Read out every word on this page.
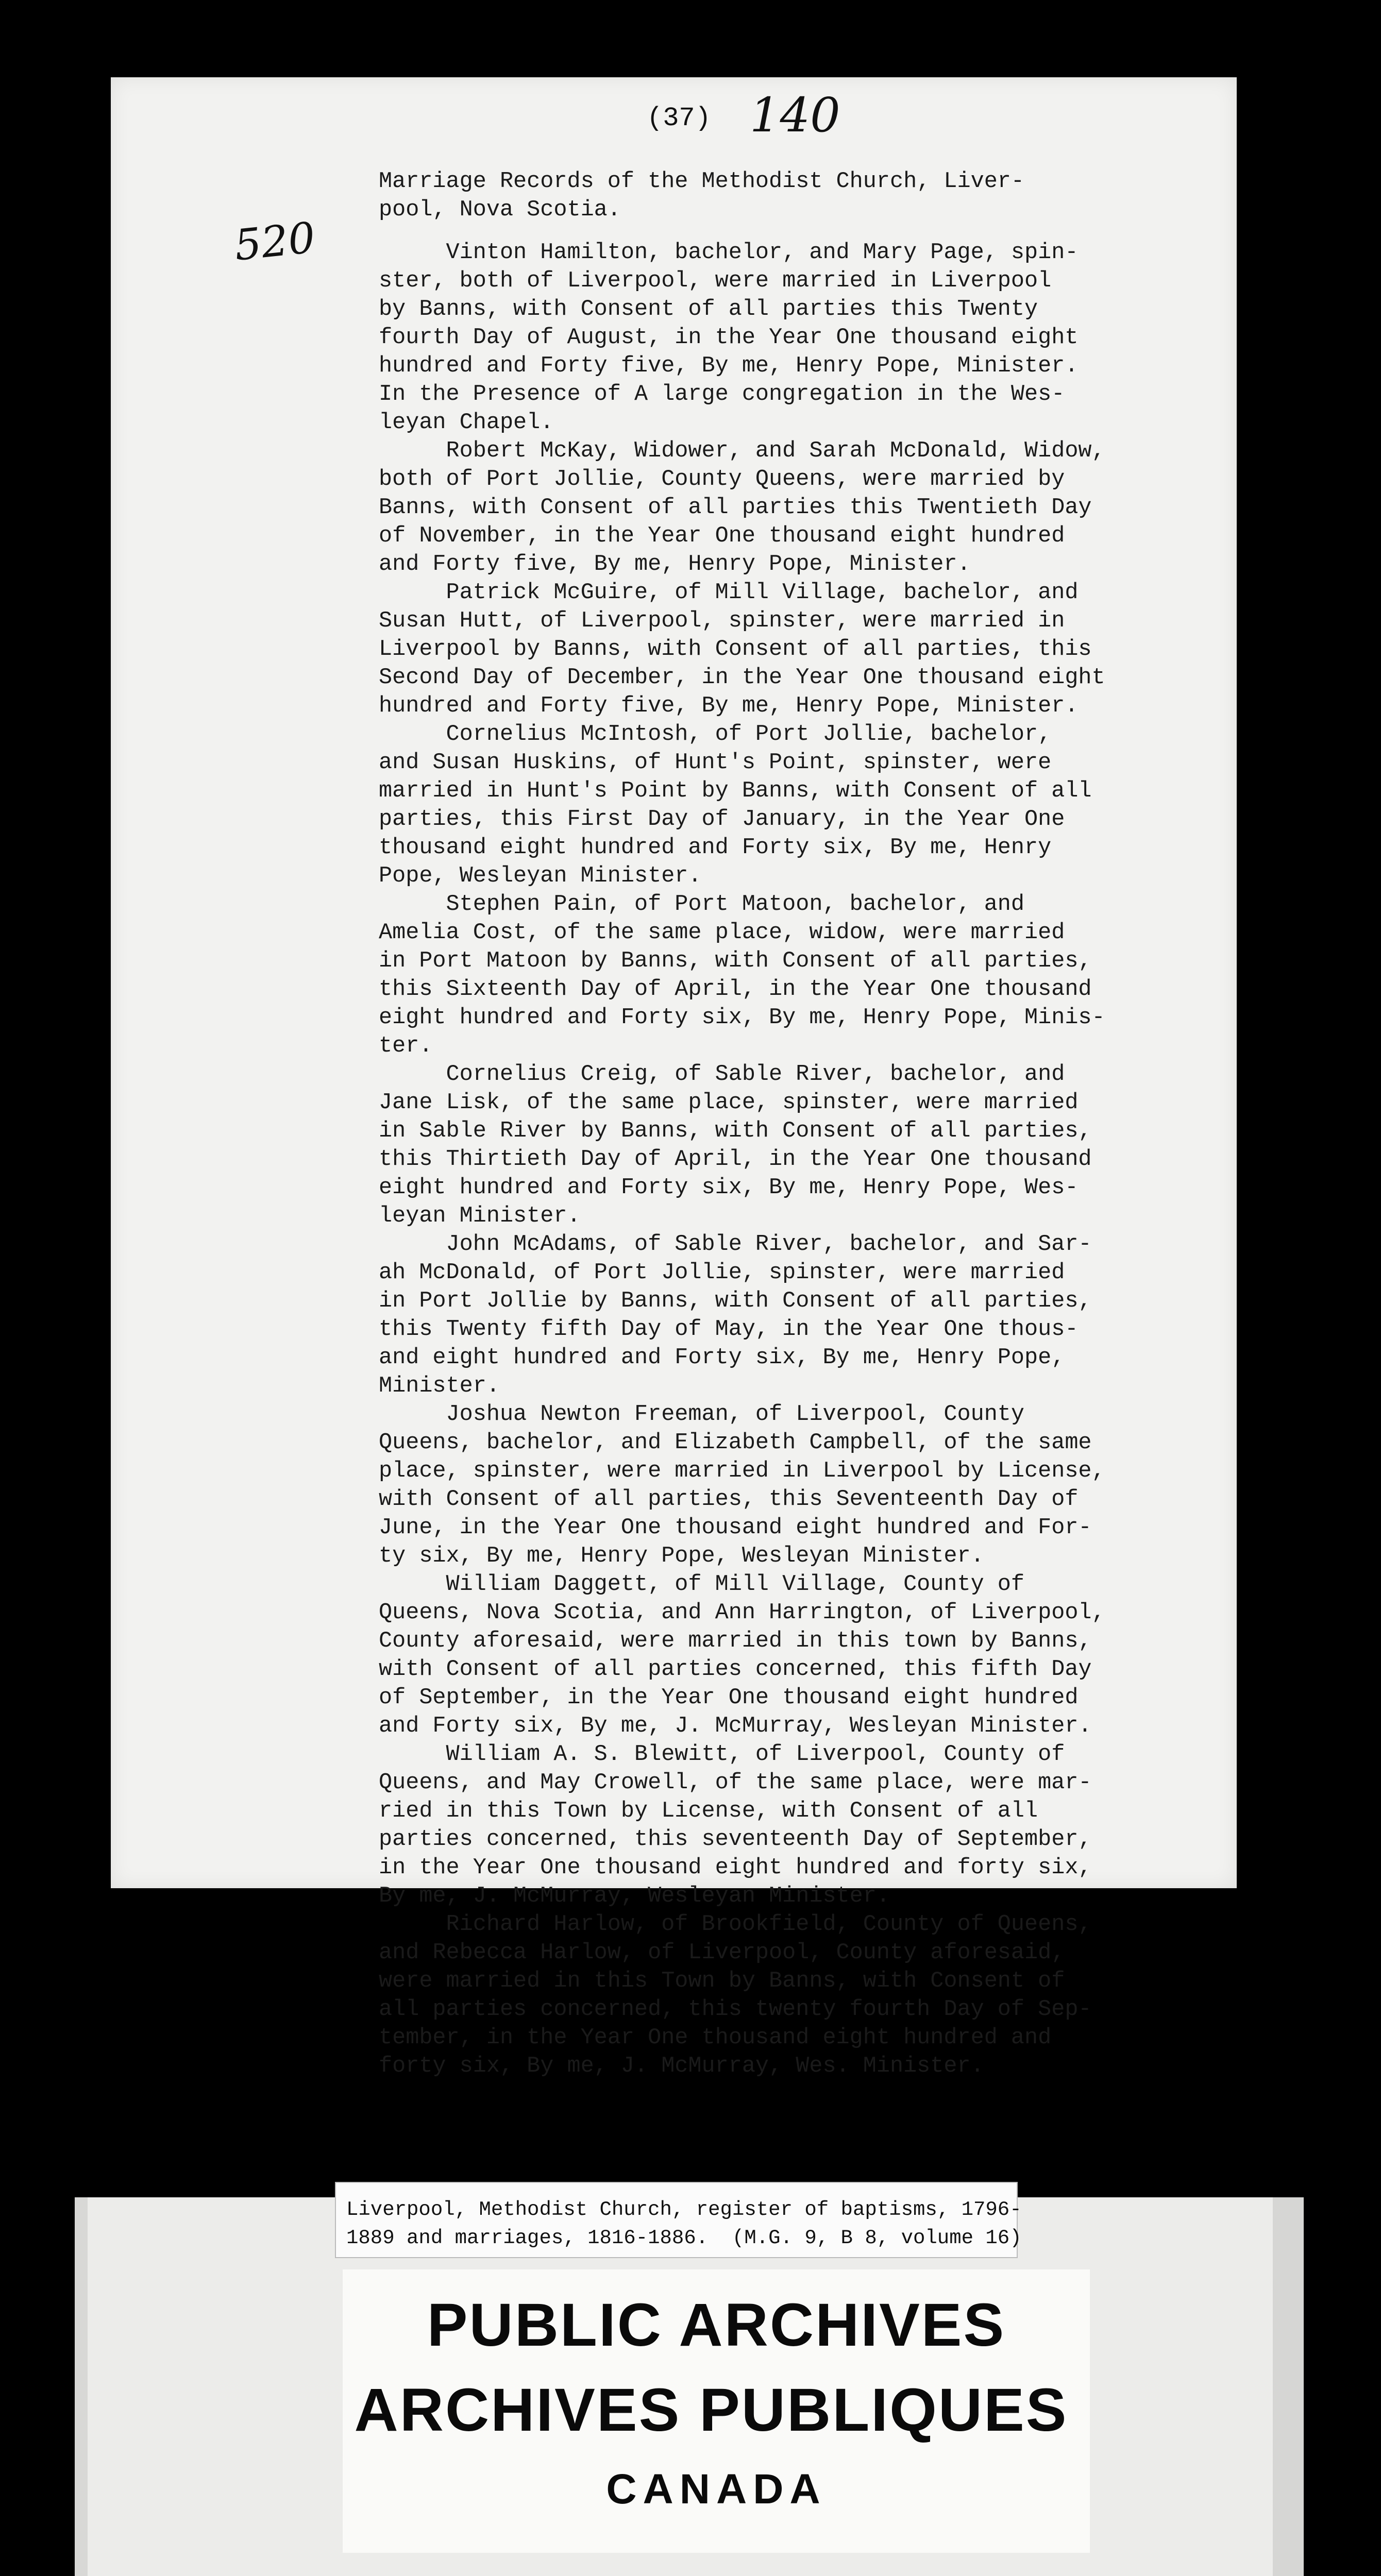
(37) 140
520
Marriage Records of the Methodist Church, Liver-
pool, Nova Scotia.
Vinton Hamilton, bachelor, and Mary Page, spin-
ster, both of Liverpool, were married in Liverpool
by Banns, with Consent of all parties this Twenty
fourth Day of August, in the Year One thousand eight
hundred and Forty five, By me, Henry Pope, Minister.
In the Presence of A large congregation in the Wes-
leyan Chapel.
Robert McKay, Widower, and Sarah McDonald, Widow,
both of Port Jollie, County Queens, were married by
Banns, with Consent of all parties this Twentieth Day
of November, in the Year One thousand eight hundred
and Forty five, By me, Henry Pope, Minister.
Patrick McGuire, of Mill Village, bachelor, and
Susan Hutt, of Liverpool, spinster, were married in
Liverpool by Banns, with Consent of all parties, this
Second Day of December, in the Year One thousand eight
hundred and Forty five, By me, Henry Pope, Minister.
Cornelius McIntosh, of Port Jollie, bachelor,
and Susan Huskins, of Hunt's Point, spinster, were
married in Hunt's Point by Banns, with Consent of all
parties, this First Day of January, in the Year One
thousand eight hundred and Forty six, By me, Henry
Pope, Wesleyan Minister.
Stephen Pain, of Port Matoon, bachelor, and
Amelia Cost, of the same place, widow, were married
in Port Matoon by Banns, with Consent of all parties,
this Sixteenth Day of April, in the Year One thousand
eight hundred and Forty six, By me, Henry Pope, Minis-
ter.
Cornelius Creig, of Sable River, bachelor, and
Jane Lisk, of the same place, spinster, were married
in Sable River by Banns, with Consent of all parties,
this Thirtieth Day of April, in the Year One thousand
eight hundred and Forty six, By me, Henry Pope, Wes-
leyan Minister.
John McAdams, of Sable River, bachelor, and Sar-
ah McDonald, of Port Jollie, spinster, were married
in Port Jollie by Banns, with Consent of all parties,
this Twenty fifth Day of May, in the Year One thous-
and eight hundred and Forty six, By me, Henry Pope,
Minister.
Joshua Newton Freeman, of Liverpool, County
Queens, bachelor, and Elizabeth Campbell, of the same
place, spinster, were married in Liverpool by License,
with Consent of all parties, this Seventeenth Day of
June, in the Year One thousand eight hundred and For-
ty six, By me, Henry Pope, Wesleyan Minister.
William Daggett, of Mill Village, County of
Queens, Nova Scotia, and Ann Harrington, of Liverpool,
County aforesaid, were married in this town by Banns,
with Consent of all parties concerned, this fifth Day
of September, in the Year One thousand eight hundred
and Forty six, By me, J. McMurray, Wesleyan Minister.
William A. S. Blewitt, of Liverpool, County of
Queens, and May Crowell, of the same place, were mar-
ried in this Town by License, with Consent of all
parties concerned, this seventeenth Day of September,
in the Year One thousand eight hundred and forty six,
By me, J. McMurray, Wesleyan Minister.
Richard Harlow, of Brookfield, County of Queens,
and Rebecca Harlow, of Liverpool, County aforesaid,
were married in this Town by Banns, with Consent of
all parties concerned, this twenty fourth Day of Sep-
tember, in the Year One thousand eight hundred and
forty six, By me, J. McMurray, Wes. Minister.
Liverpool, Methodist Church, register of baptisms, 1796-
1889 and marriages, 1816-1886.  (M.G. 9, B 8, volume 16)
PUBLIC ARCHIVES
ARCHIVES PUBLIQUES
CANADA
